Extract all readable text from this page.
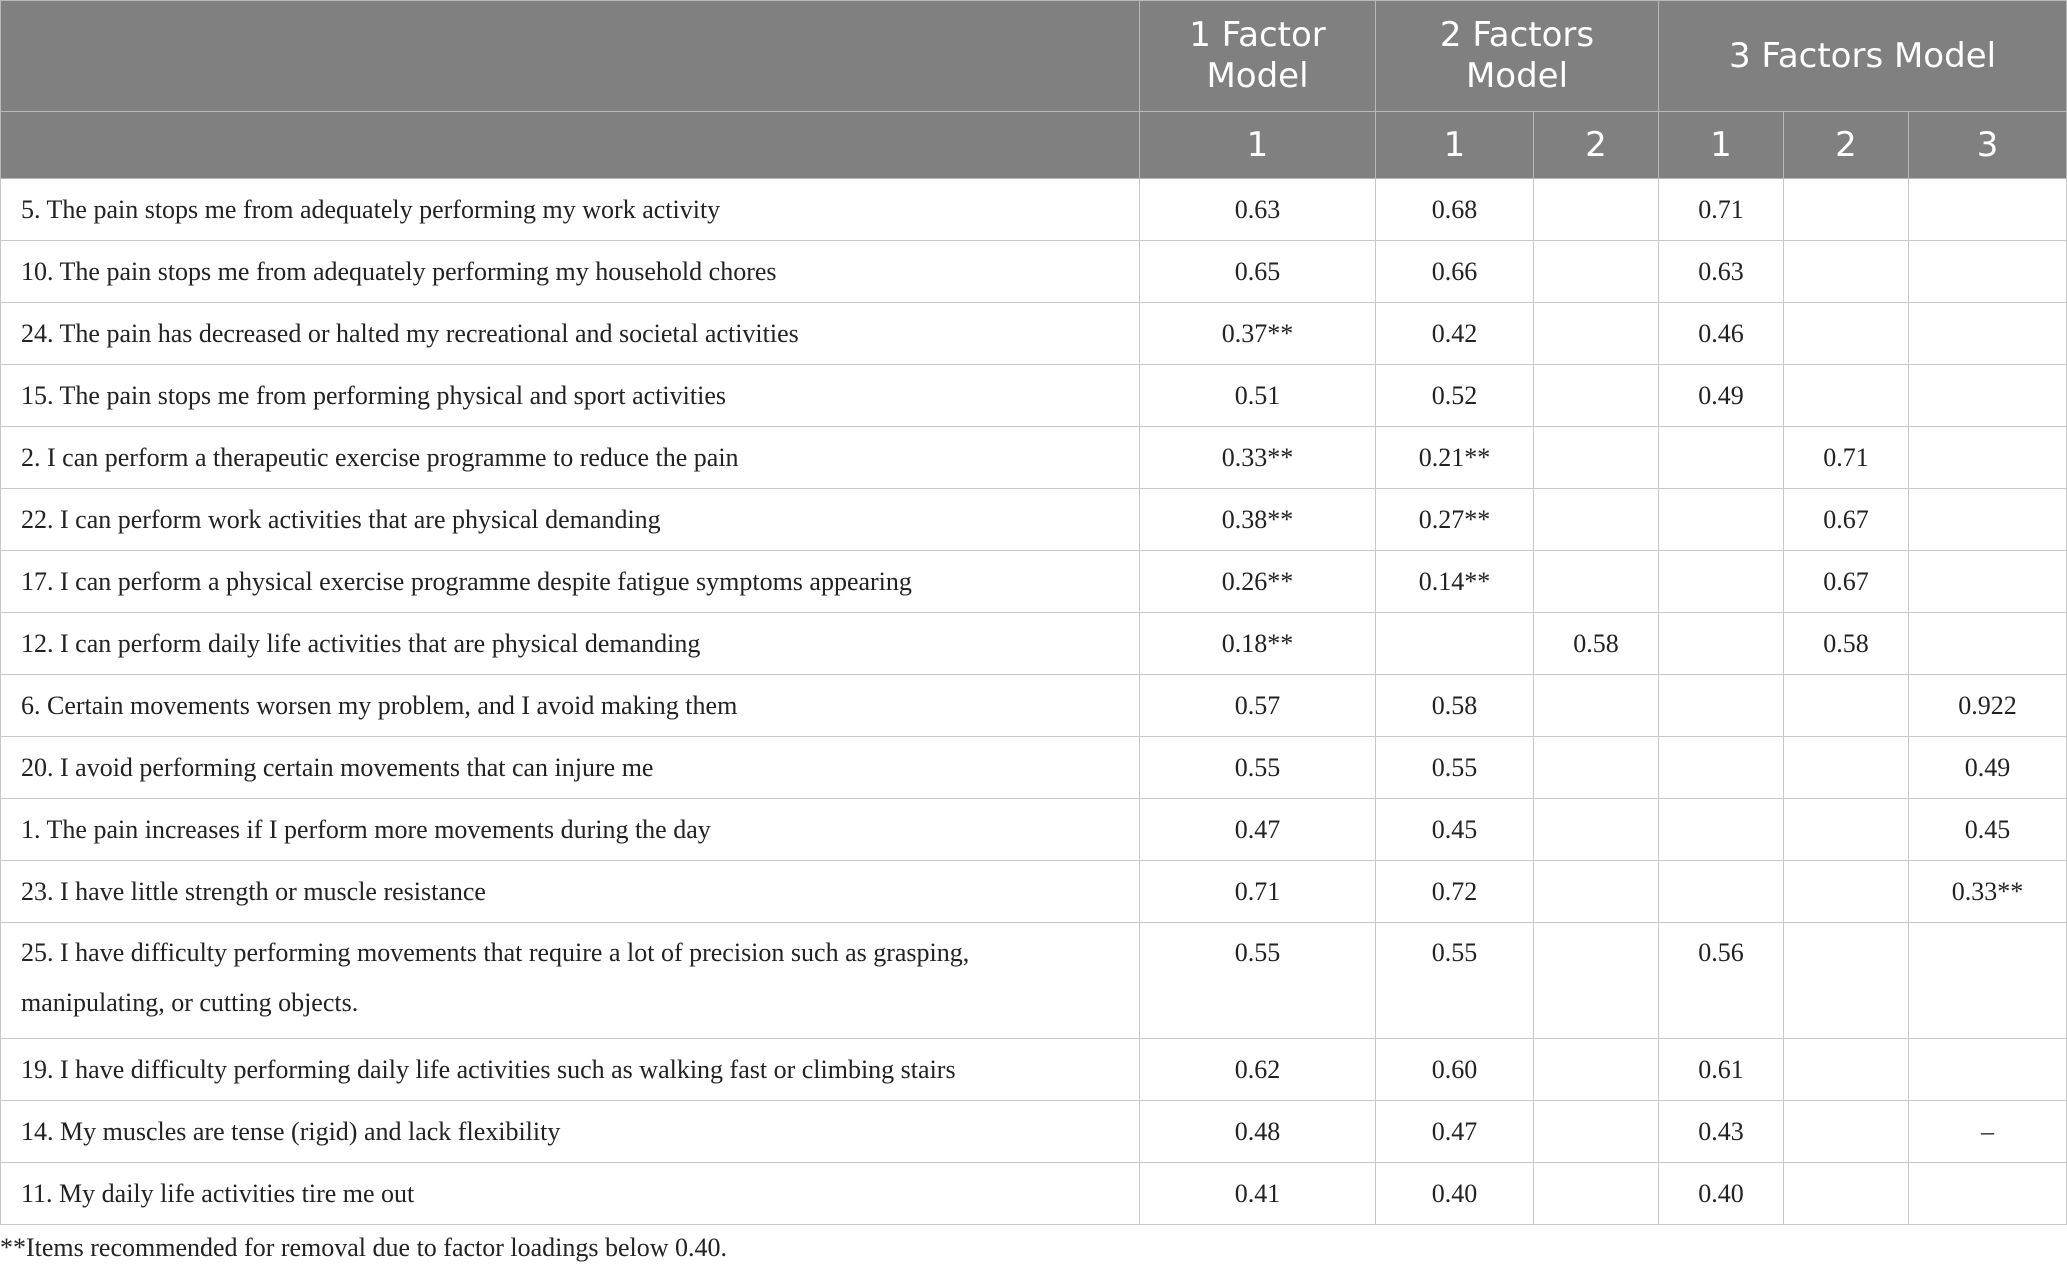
	1 Factor Model	2 Factors Model		3 Factors Model		
	1	1	2	1	2	3
5. The pain stops me from adequately performing my work activity	0.63	0.68		0.71		
10. The pain stops me from adequately performing my household chores	0.65	0.66		0.63		
24. The pain has decreased or halted my recreational and societal activities	0.37**	0.42		0.46		
15. The pain stops me from performing physical and sport activities	0.51	0.52		0.49		
2. I can perform a therapeutic exercise programme to reduce the pain	0.33**	0.21**			0.71	
22. I can perform work activities that are physical demanding	0.38**	0.27**			0.67	
17. I can perform a physical exercise programme despite fatigue symptoms appearing	0.26**	0.14**			0.67	
12. I can perform daily life activities that are physical demanding	0.18**		0.58		0.58	
6. Certain movements worsen my problem, and I avoid making them	0.57	0.58				0.922
20. I avoid performing certain movements that can injure me	0.55	0.55				0.49
1. The pain increases if I perform more movements during the day	0.47	0.45				0.45
23. I have little strength or muscle resistance	0.71	0.72				0.33**
25. I have difficulty performing movements that require a lot of precision such as grasping, manipulating, or cutting objects.	0.55	0.55		0.56		
19. I have difficulty performing daily life activities such as walking fast or climbing stairs	0.62	0.60		0.61		
14. My muscles are tense (rigid) and lack flexibility	0.48	0.47		0.43		–
11. My daily life activities tire me out	0.41	0.40		0.40		
**Items recommended for removal due to factor loadings below 0.40.
